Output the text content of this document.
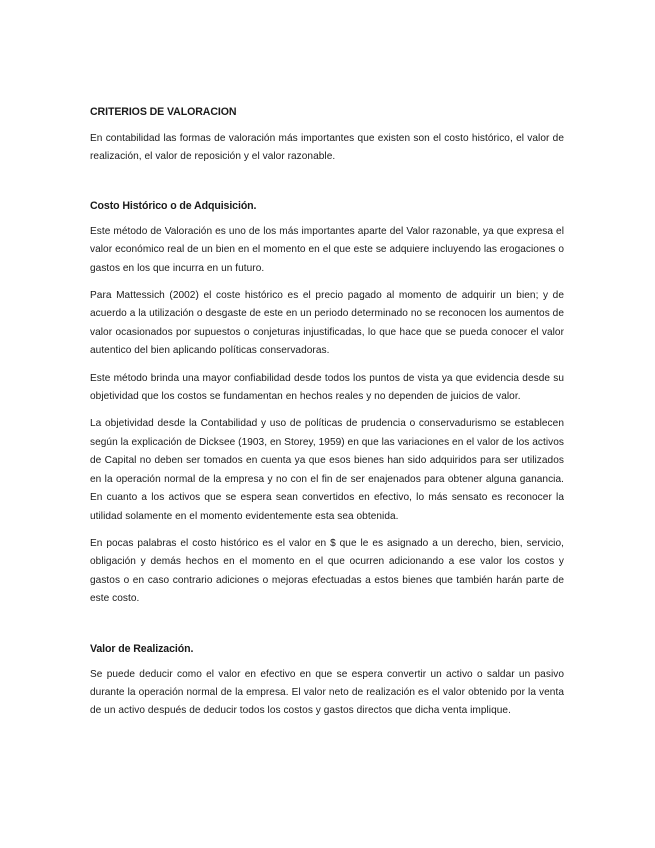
CRITERIOS DE VALORACION

En contabilidad las formas de valoración más importantes que existen son el costo histórico, el valor de realización, el valor de reposición y el valor razonable.

Costo Histórico o de Adquisición.

Este método de Valoración es uno de los más importantes aparte del Valor razonable, ya que expresa el valor económico real de un bien en el momento en el que este se adquiere incluyendo las erogaciones o gastos en los que incurra en un futuro.

Para Mattessich (2002) el coste histórico es el precio pagado al momento de adquirir un bien; y de acuerdo a la utilización o desgaste de este en un periodo determinado no se reconocen los aumentos de valor ocasionados por supuestos o conjeturas injustificadas, lo que hace que se pueda conocer el valor autentico del bien aplicando políticas conservadoras.

Este método brinda una mayor confiabilidad desde todos los puntos de vista ya que evidencia desde su objetividad que los costos se fundamentan en hechos reales y no dependen de juicios de valor.

La objetividad desde la Contabilidad y uso de políticas de prudencia o conservadurismo se establecen según la explicación de Dicksee (1903, en Storey, 1959) en que las variaciones en el valor de los activos de Capital no deben ser tomados en cuenta ya que esos bienes han sido adquiridos para ser utilizados en la operación normal de la empresa y no con el fin de ser enajenados para obtener alguna ganancia. En cuanto a los activos que se espera sean convertidos en efectivo, lo más sensato es reconocer la utilidad solamente en el momento evidentemente esta sea obtenida.

En pocas palabras el costo histórico es el valor en $ que le es asignado a un derecho, bien, servicio, obligación y demás hechos en el momento en el que ocurren adicionando a ese valor los costos y gastos o en caso contrario adiciones o mejoras efectuadas a estos bienes que también harán parte de este costo.

Valor de Realización.

Se puede deducir como el valor en efectivo en que se espera convertir un activo o saldar un pasivo durante la operación normal de la empresa. El valor neto de realización es el valor obtenido por la venta de un activo después de deducir todos los costos y gastos directos que dicha venta implique.
